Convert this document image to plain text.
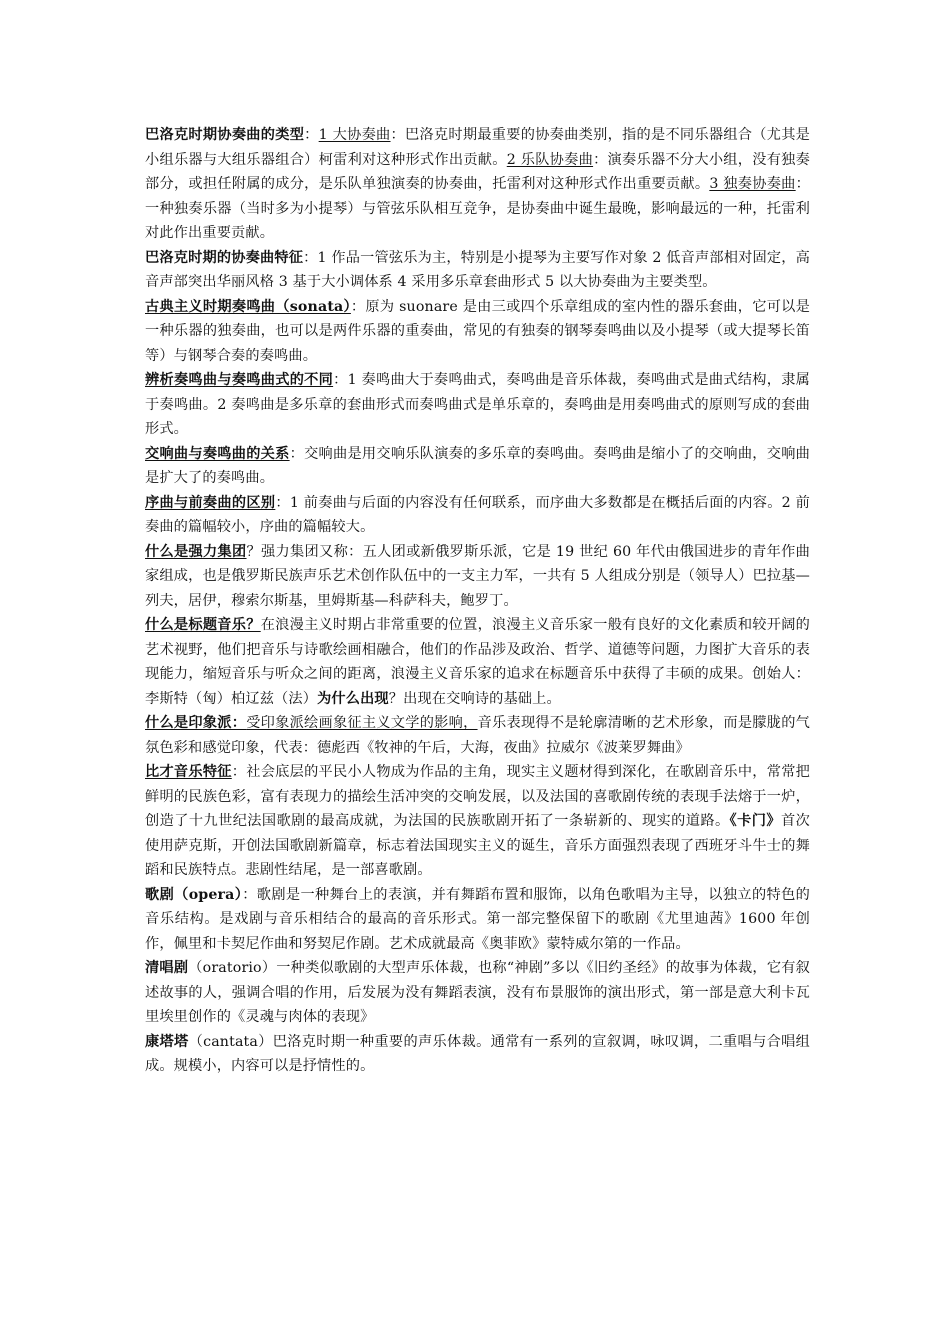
巴洛克时期协奏曲的类型：1 大协奏曲：巴洛克时期最重要的协奏曲类别，指的是不同乐器组合（尤其是小组乐器与大组乐器组合）柯雷利对这种形式作出贡献。2 乐队协奏曲：演奏乐器不分大小组，没有独奏部分，或担任附属的成分，是乐队单独演奏的协奏曲，托雷利对这种形式作出重要贡献。3 独奏协奏曲：一种独奏乐器（当时多为小提琴）与管弦乐队相互竞争，是协奏曲中诞生最晚，影响最远的一种，托雷利对此作出重要贡献。

巴洛克时期的协奏曲特征：1 作品一管弦乐为主，特别是小提琴为主要写作对象 2 低音声部相对固定，高音声部突出华丽风格 3 基于大小调体系 4 采用多乐章套曲形式 5 以大协奏曲为主要类型。

古典主义时期奏鸣曲（sonata）：原为 suonare 是由三或四个乐章组成的室内性的器乐套曲，它可以是一种乐器的独奏曲，也可以是两件乐器的重奏曲，常见的有独奏的钢琴奏鸣曲以及小提琴（或大提琴长笛等）与钢琴合奏的奏鸣曲。

辨析奏鸣曲与奏鸣曲式的不同：1 奏鸣曲大于奏鸣曲式，奏鸣曲是音乐体裁，奏鸣曲式是曲式结构，隶属于奏鸣曲。2 奏鸣曲是多乐章的套曲形式而奏鸣曲式是单乐章的，奏鸣曲是用奏鸣曲式的原则写成的套曲形式。

交响曲与奏鸣曲的关系：交响曲是用交响乐队演奏的多乐章的奏鸣曲。奏鸣曲是缩小了的交响曲，交响曲是扩大了的奏鸣曲。

序曲与前奏曲的区别：1 前奏曲与后面的内容没有任何联系，而序曲大多数都是在概括后面的内容。2 前奏曲的篇幅较小，序曲的篇幅较大。

什么是强力集团？强力集团又称：五人团或新俄罗斯乐派，它是 19 世纪 60 年代由俄国进步的青年作曲家组成，也是俄罗斯民族声乐艺术创作队伍中的一支主力军，一共有 5 人组成分别是（领导人）巴拉基—列夫，居伊，穆索尔斯基，里姆斯基—科萨科夫，鲍罗丁。

什么是标题音乐？在浪漫主义时期占非常重要的位置，浪漫主义音乐家一般有良好的文化素质和较开阔的艺术视野，他们把音乐与诗歌绘画相融合，他们的作品涉及政治、哲学、道德等问题，力图扩大音乐的表现能力，缩短音乐与听众之间的距离，浪漫主义音乐家的追求在标题音乐中获得了丰硕的成果。创始人：李斯特（匈）柏辽兹（法）为什么出现？出现在交响诗的基础上。

什么是印象派：受印象派绘画象征主义文学的影响，音乐表现得不是轮廓清晰的艺术形象，而是朦胧的气氛色彩和感觉印象，代表：德彪西《牧神的午后，大海，夜曲》拉威尔《波莱罗舞曲》

比才音乐特征：社会底层的平民小人物成为作品的主角，现实主义题材得到深化，在歌剧音乐中，常常把鲜明的民族色彩，富有表现力的描绘生活冲突的交响发展，以及法国的喜歌剧传统的表现手法熔于一炉，创造了十九世纪法国歌剧的最高成就，为法国的民族歌剧开拓了一条崭新的、现实的道路。《卡门》首次使用萨克斯，开创法国歌剧新篇章，标志着法国现实主义的诞生，音乐方面强烈表现了西班牙斗牛士的舞蹈和民族特点。悲剧性结尾，是一部喜歌剧。

歌剧（opera）：歌剧是一种舞台上的表演，并有舞蹈布置和服饰，以角色歌唱为主导，以独立的特色的音乐结构。是戏剧与音乐相结合的最高的音乐形式。第一部完整保留下的歌剧《尤里迪茜》1600 年创作，佩里和卡契尼作曲和努契尼作剧。艺术成就最高《奥菲欧》蒙特威尔第的一作品。

清唱剧（oratorio）一种类似歌剧的大型声乐体裁，也称“神剧”多以《旧约圣经》的故事为体裁，它有叙述故事的人，强调合唱的作用，后发展为没有舞蹈表演，没有布景服饰的演出形式，第一部是意大利卡瓦里埃里创作的《灵魂与肉体的表现》

康塔塔（cantata）巴洛克时期一种重要的声乐体裁。通常有一系列的宣叙调，咏叹调，二重唱与合唱组成。规模小，内容可以是抒情性的。
